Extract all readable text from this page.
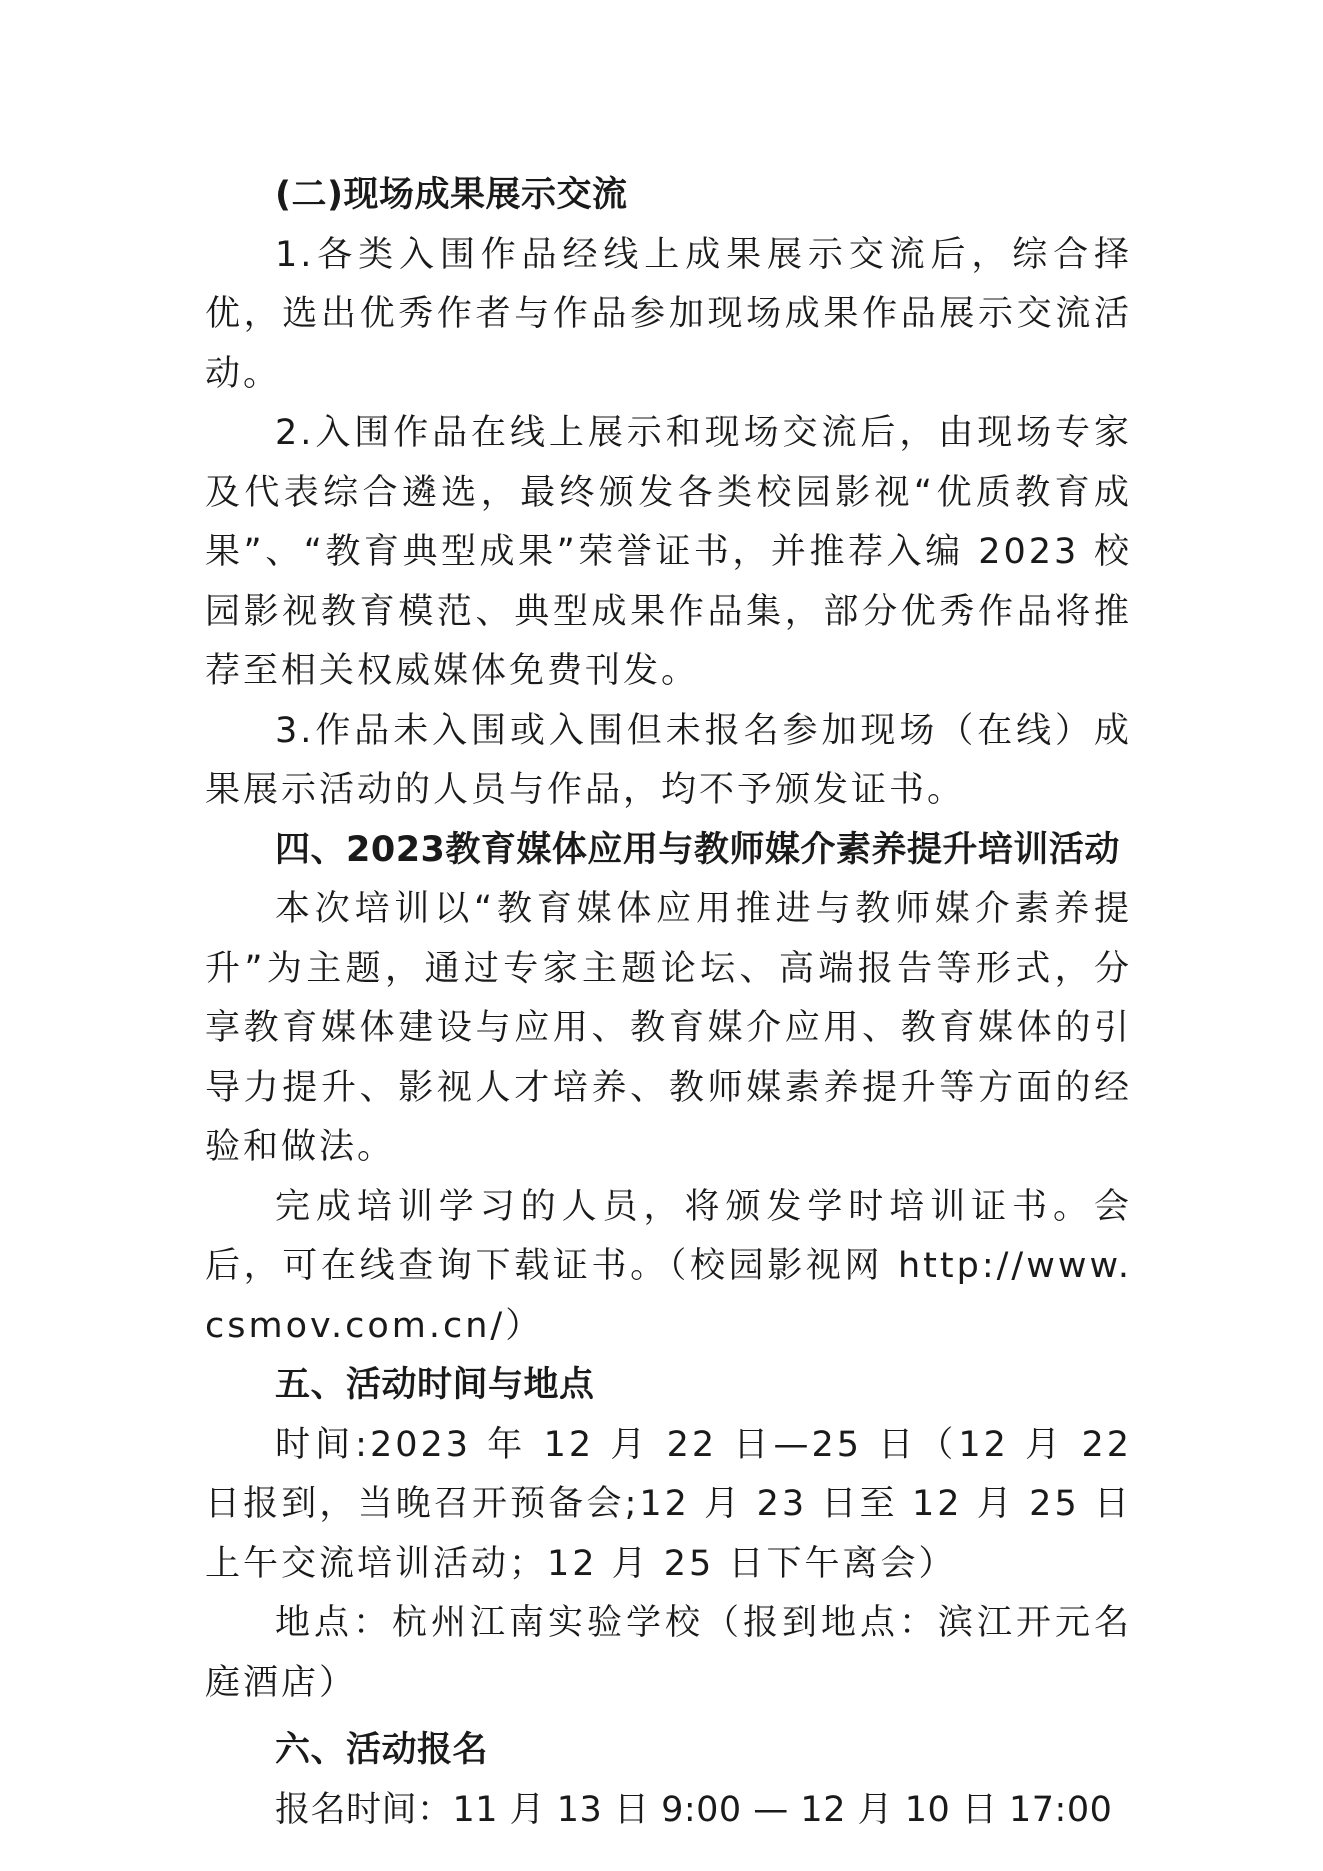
(二)现场成果展示交流

1.各类入围作品经线上成果展示交流后，综合择优，选出优秀作者与作品参加现场成果作品展示交流活动。

2.入围作品在线上展示和现场交流后，由现场专家及代表综合遴选，最终颁发各类校园影视“优质教育成果”、“教育典型成果”荣誉证书，并推荐入编 2023 校园影视教育模范、典型成果作品集，部分优秀作品将推荐至相关权威媒体免费刊发。

3.作品未入围或入围但未报名参加现场（在线）成果展示活动的人员与作品，均不予颁发证书。

四、2023教育媒体应用与教师媒介素养提升培训活动

本次培训以“教育媒体应用推进与教师媒介素养提升”为主题，通过专家主题论坛、高端报告等形式，分享教育媒体建设与应用、教育媒介应用、教育媒体的引导力提升、影视人才培养、教师媒素养提升等方面的经验和做法。

完成培训学习的人员，将颁发学时培训证书。会后，可在线查询下载证书。（校园影视网 http://www.csmov.com.cn/）

五、活动时间与地点

时间:2023 年 12 月 22 日—25 日（12 月 22 日报到，当晚召开预备会;12 月 23 日至 12 月 25 日上午交流培训活动；12 月 25 日下午离会）

地点：杭州江南实验学校（报到地点：滨江开元名庭酒店）

六、活动报名

报名时间：11 月 13 日 9:00 — 12 月 10 日 17:00
